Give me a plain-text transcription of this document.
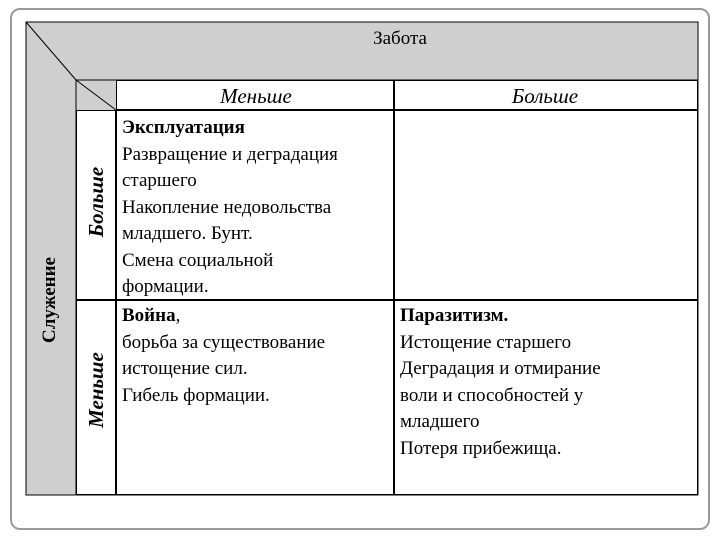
Забота
Меньше	Больше
Служение
Больше
Меньше
Эксплуатация
Развращение и деградация
старшего
Накопление недовольства
младшего. Бунт.
Смена социальной
формации.
Война,
борьба за существование
истощение сил.
Гибель формации.
Паразитизм.
Истощение старшего
Деградация и отмирание
воли и способностей у
младшего
Потеря прибежища.
